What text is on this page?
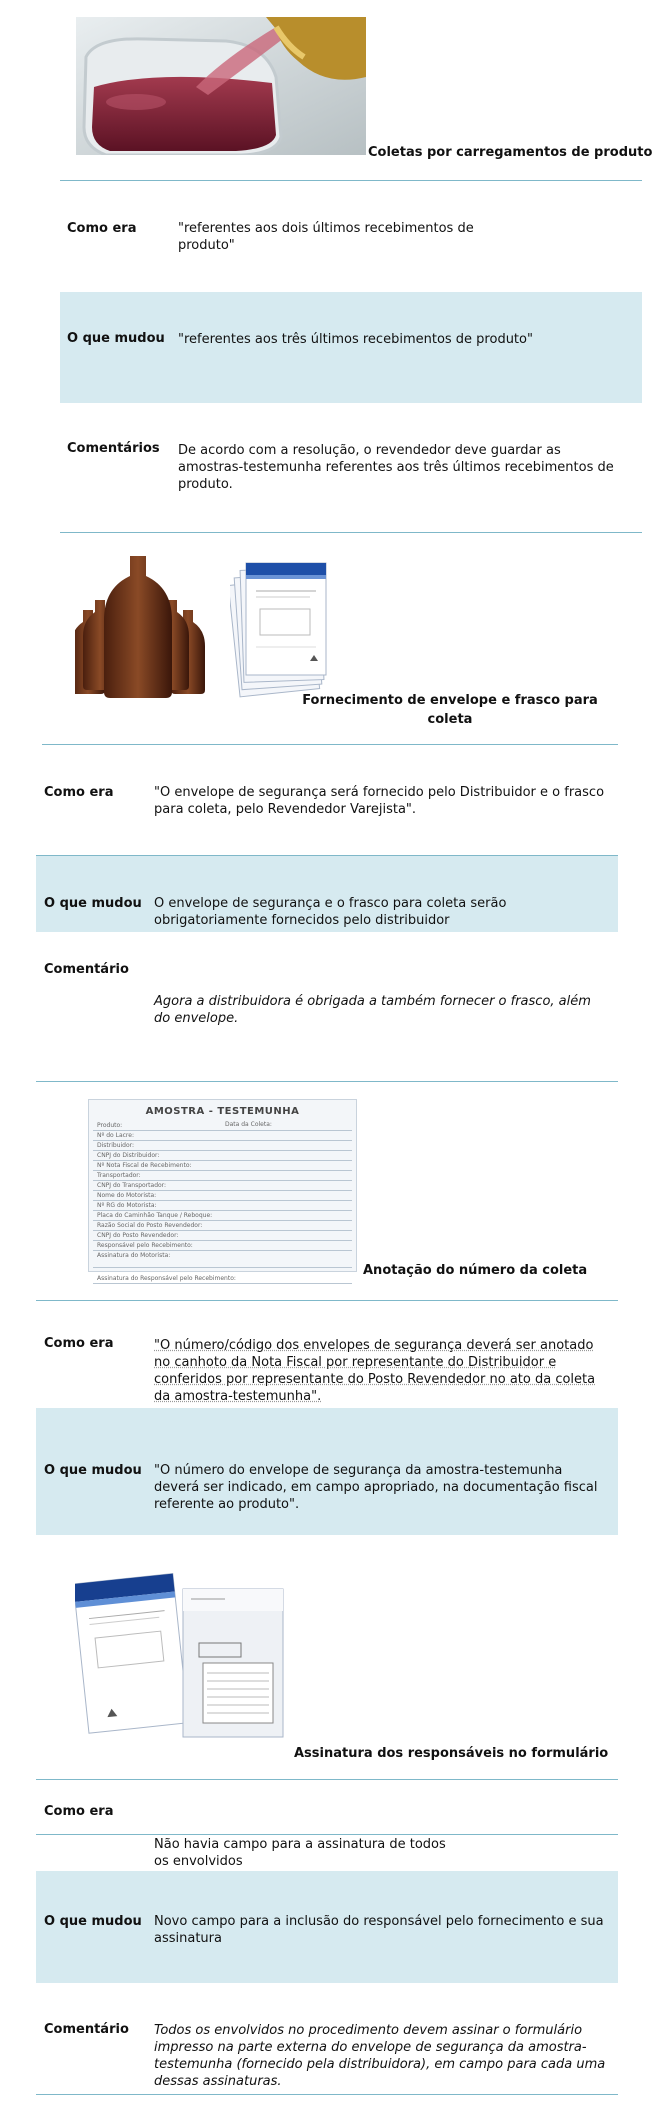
Coletas por carregamentos de produto
Como era	"referentes aos dois últimos recebimentos de produto"
O que mudou "referentes aos três últimos recebimentos de produto"
Comentários De acordo com a resolução, o revendedor deve guardar as amostras-testemunha referentes aos três últimos recebimentos de produto.
Fornecimento de envelope e frasco para coleta
Como era	"O envelope de segurança será fornecido pelo Distribuidor e o frasco para coleta, pelo Revendedor Varejista".
O que mudou O envelope de segurança e o frasco para coleta serão obrigatoriamente fornecidos pelo distribuidor
Comentário
Agora a distribuidora é obrigada a também fornecer o frasco, além do envelope.
AMOSTRA - TESTEMUNHA
Produto:	Data da Coleta:
Nº do Lacre:
Distribuidor:
CNPJ do Distribuidor:
Nº Nota Fiscal de Recebimento:
Transportador:
CNPJ do Transportador:
Nome do Motorista:
Nº RG do Motorista:
Placa do Caminhão Tanque / Reboque:
Razão Social do Posto Revendedor:
CNPJ do Posto Revendedor:
Responsável pelo Recebimento:
Assinatura do Motorista:
Assinatura do Responsável pelo Recebimento:
Anotação do número da coleta
Como era	"O número/código dos envelopes de segurança deverá ser anotado no canhoto da Nota Fiscal por representante do Distribuidor e conferidos por representante do Posto Revendedor no ato da coleta da amostra-testemunha".
O que mudou "O número do envelope de segurança da amostra-testemunha deverá ser indicado, em campo apropriado, na documentação fiscal referente ao produto".
Assinatura dos responsáveis no formulário
Como era
Não havia campo para a assinatura de todos os envolvidos
O que mudou Novo campo para a inclusão do responsável pelo fornecimento e sua assinatura
Comentário Todos os envolvidos no procedimento devem assinar o formulário impresso na parte externa do envelope de segurança da amostra-testemunha (fornecido pela distribuidora), em campo para cada uma dessas assinaturas.
